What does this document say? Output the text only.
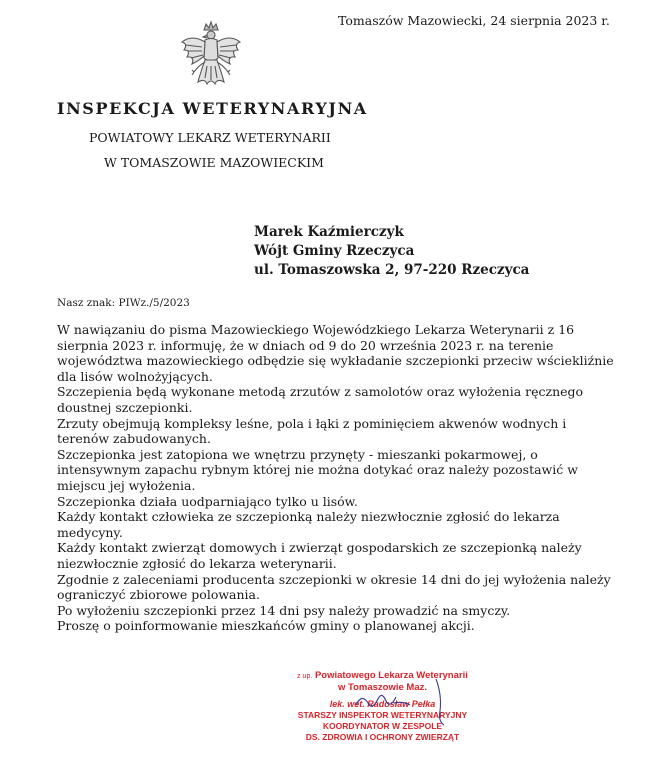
Tomaszów Mazowiecki, 24 sierpnia 2023 r.
INSPEKCJA WETERYNARYJNA
POWIATOWY LEKARZ WETERYNARII
W TOMASZOWIE MAZOWIECKIM
Marek Kaźmierczyk
Wójt Gminy Rzeczyca
ul. Tomaszowska 2, 97-220 Rzeczyca
Nasz znak: PIWz./5/2023

W nawiązaniu do pisma Mazowieckiego Wojewódzkiego Lekarza Weterynarii z 16 sierpnia 2023 r. informuję, że w dniach od 9 do 20 września 2023 r. na terenie województwa mazowieckiego odbędzie się wykładanie szczepionki przeciw wściekliźnie dla lisów wolnożyjących.

Szczepienia będą wykonane metodą zrzutów z samolotów oraz wyłożenia ręcznego doustnej szczepionki.

Zrzuty obejmują kompleksy leśne, pola i łąki z pominięciem akwenów wodnych i terenów zabudowanych.

Szczepionka jest zatopiona we wnętrzu przynęty - mieszanki pokarmowej, o intensywnym zapachu rybnym której nie można dotykać oraz należy pozostawić w miejscu jej wyłożenia.

Szczepionka działa uodparniająco tylko u lisów.

Każdy kontakt człowieka ze szczepionką należy niezwłocznie zgłosić do lekarza medycyny.

Każdy kontakt zwierząt domowych i zwierząt gospodarskich ze szczepionką należy niezwłocznie zgłosić do lekarza weterynarii.

Zgodnie z zaleceniami producenta szczepionki w okresie 14 dni do jej wyłożenia należy ograniczyć zbiorowe polowania.

Po wyłożeniu szczepionki przez 14 dni psy należy prowadzić na smyczy.

Proszę o poinformowanie mieszkańców gminy o planowanej akcji.

z up. Powiatowego Lekarza Weterynarii
w Tomaszowie Maz.
lek. wet. Radosław Pełka
STARSZY INSPEKTOR WETERYNARYJNY
KOORDYNATOR W ZESPOLE
DS. ZDROWIA I OCHRONY ZWIERZĄT
